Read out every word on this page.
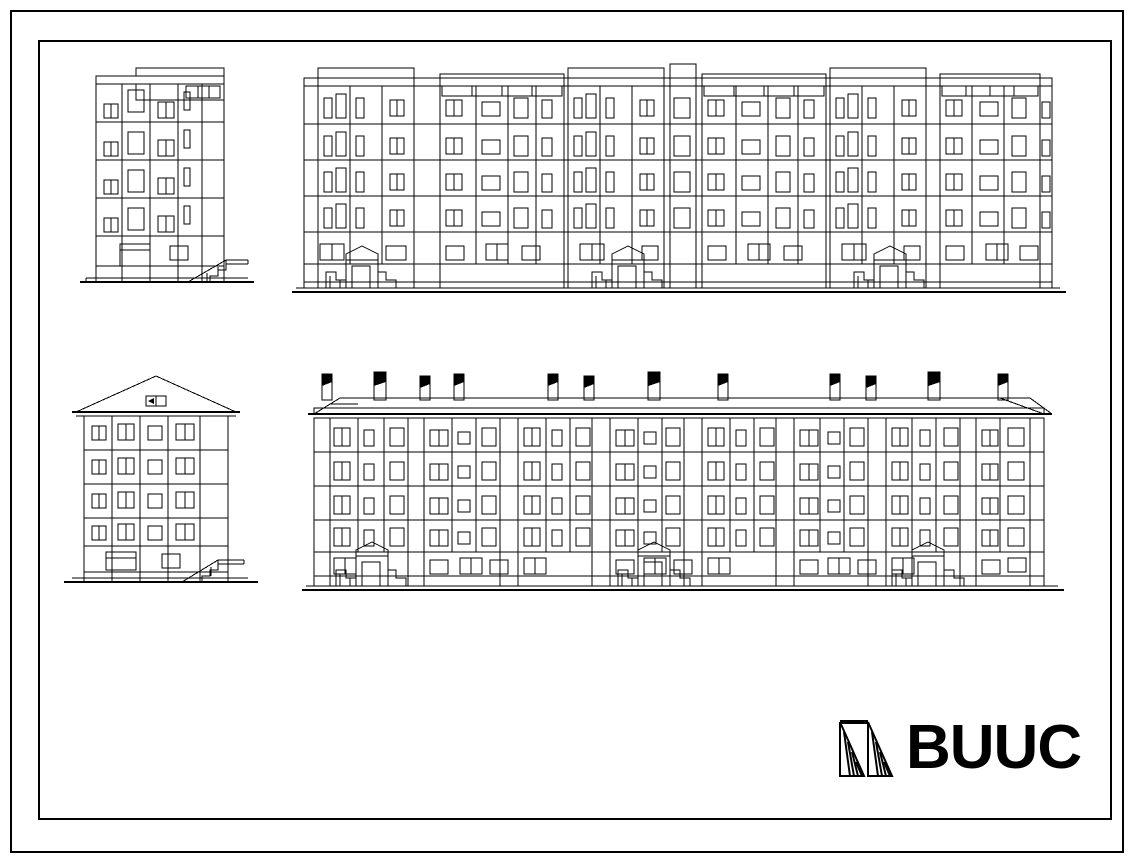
BUUC
